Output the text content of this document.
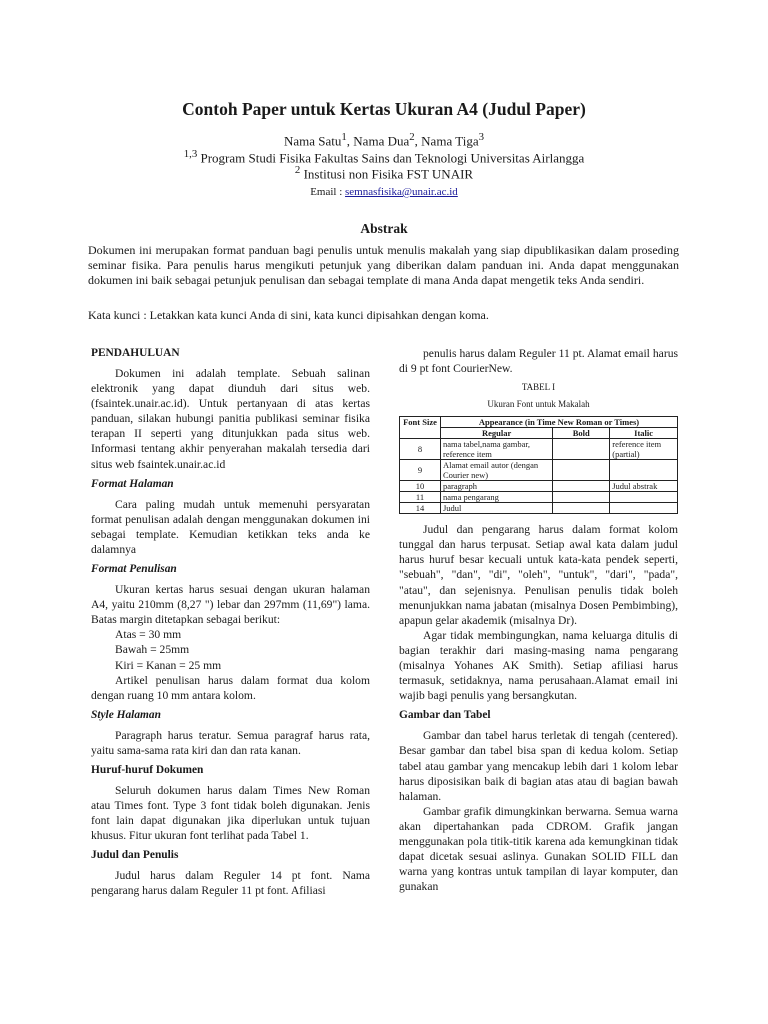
Contoh Paper untuk Kertas Ukuran A4 (Judul Paper)
Nama Satu$^1$, Nama Dua$^2$, Nama Tiga$^3$
$^{1,3}$ Program Studi Fisika Fakultas Sains dan Teknologi Universitas Airlangga
$^2$ Institusi non Fisika FST UNAIR
Email : semnasfisika@unair.ac.id
Abstrak
Dokumen ini merupakan format panduan bagi penulis untuk menulis makalah yang siap dipublikasikan dalam proseding seminar fisika. Para penulis harus mengikuti petunjuk yang diberikan dalam panduan ini. Anda dapat menggunakan dokumen ini baik sebagai petunjuk penulisan dan sebagai template di mana Anda dapat mengetik teks Anda sendiri.
Kata kunci : Letakkan kata kunci Anda di sini, kata kunci dipisahkan dengan koma.
PENDAHULUAN

Dokumen ini adalah template. Sebuah salinan elektronik yang dapat diunduh dari situs web. (fsaintek.unair.ac.id). Untuk pertanyaan di atas kertas panduan, silakan hubungi panitia publikasi seminar fisika terapan II seperti yang ditunjukkan pada situs web. Informasi tentang akhir penyerahan makalah tersedia dari situs web fsaintek.unair.ac.id

Format Halaman

Cara paling mudah untuk memenuhi persyaratan format penulisan adalah dengan menggunakan dokumen ini sebagai template. Kemudian ketikkan teks anda ke dalamnya

Format Penulisan

Ukuran kertas harus sesuai dengan ukuran halaman A4, yaitu 210mm (8,27 ") lebar dan 297mm (11,69") lama. Batas margin ditetapkan sebagai berikut:

Atas = 30 mm

Bawah = 25mm

Kiri = Kanan = 25 mm

Artikel penulisan harus dalam format dua kolom dengan ruang 10 mm antara kolom.

Style Halaman

Paragraph harus teratur. Semua paragraf harus rata, yaitu sama-sama rata kiri dan dan rata kanan.

Huruf-huruf Dokumen

Seluruh dokumen harus dalam Times New Roman atau Times font. Type 3 font tidak boleh digunakan. Jenis font lain dapat digunakan jika diperlukan untuk tujuan khusus. Fitur ukuran font terlihat pada Tabel 1.

Judul dan Penulis

Judul harus dalam Reguler 14 pt font. Nama pengarang harus dalam Reguler 11 pt font. Afiliasi

penulis harus dalam Reguler 11 pt. Alamat email harus di 9 pt font CourierNew.

TABEL I
Ukuran Font untuk Makalah
Font Size	Appearance (in Time New Roman or Times)		
	Regular	Bold	Italic
8	nama tabel,nama gambar, reference item		reference item (partial)
9	Alamat email autor (dengan Courier new)		
10	paragraph		Judul abstrak
11	nama pengarang		
14	Judul		

Judul dan pengarang harus dalam format kolom tunggal dan harus terpusat. Setiap awal kata dalam judul harus huruf besar kecuali untuk kata-kata pendek seperti, "sebuah", "dan", "di", "oleh", "untuk", "dari", "pada", "atau", dan sejenisnya. Penulisan penulis tidak boleh menunjukkan nama jabatan (misalnya Dosen Pembimbing), apapun gelar akademik (misalnya Dr).

Agar tidak membingungkan, nama keluarga ditulis di bagian terakhir dari masing-masing nama pengarang (misalnya Yohanes AK Smith). Setiap afiliasi harus termasuk, setidaknya, nama perusahaan.Alamat email ini wajib bagi penulis yang bersangkutan.

Gambar dan Tabel

Gambar dan tabel harus terletak di tengah (centered). Besar gambar dan tabel bisa span di kedua kolom. Setiap tabel atau gambar yang mencakup lebih dari 1 kolom lebar harus diposisikan baik di bagian atas atau di bagian bawah halaman.

Gambar grafik dimungkinkan berwarna. Semua warna akan dipertahankan pada CDROM. Grafik jangan menggunakan pola titik-titik karena ada kemungkinan tidak dapat dicetak sesuai aslinya. Gunakan SOLID FILL dan warna yang kontras untuk tampilan di layar komputer, dan gunakan
